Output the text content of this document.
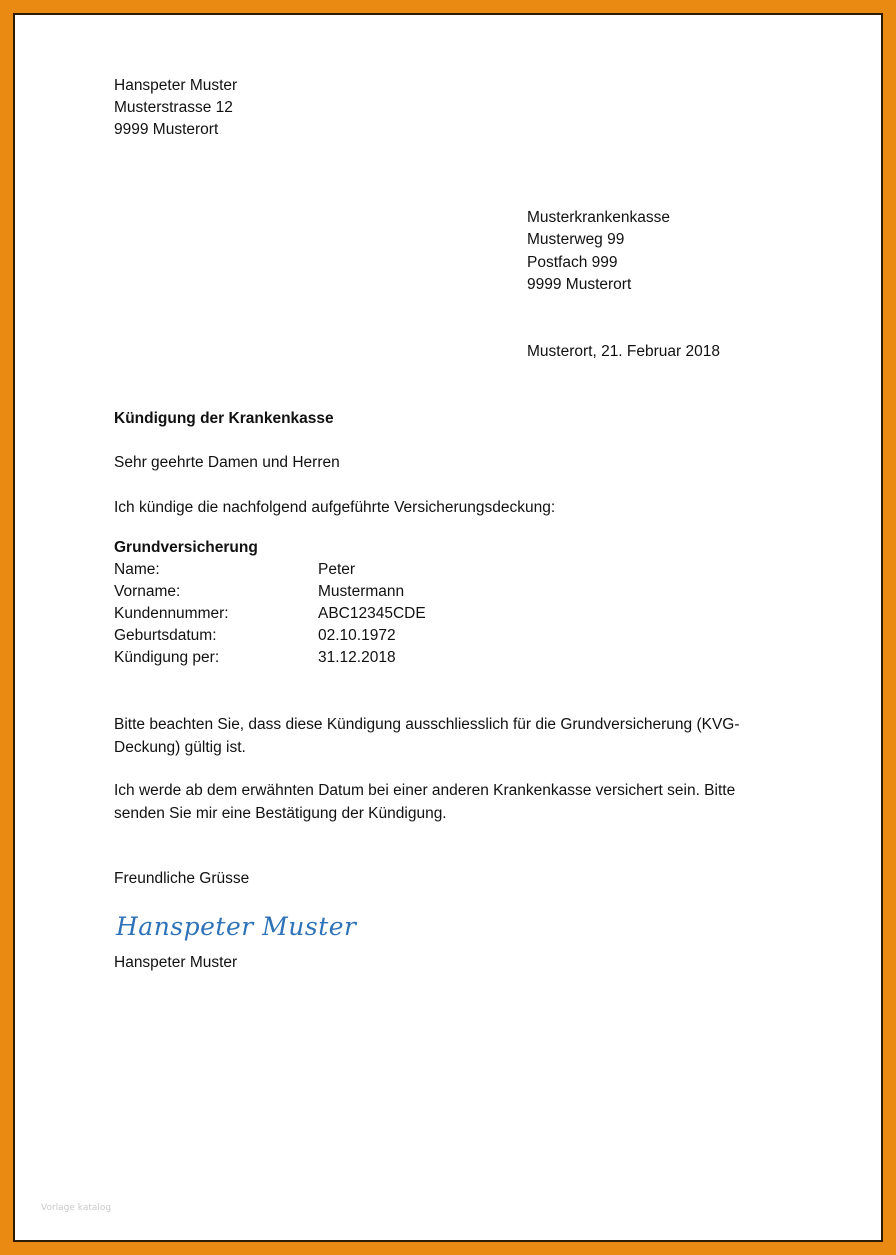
Hanspeter Muster
Musterstrasse 12
9999 Musterort
Musterkrankenkasse
Musterweg 99
Postfach 999
9999 Musterort
Musterort, 21. Februar 2018
Kündigung der Krankenkasse
Sehr geehrte Damen und Herren
Ich kündige die nachfolgend aufgeführte Versicherungsdeckung:
Grundversicherung
Name:	Peter
Vorname:	Mustermann
Kundennummer:	ABC12345CDE
Geburtsdatum:	02.10.1972
Kündigung per:	31.12.2018
Bitte beachten Sie, dass diese Kündigung ausschliesslich für die Grundversicherung (KVG-Deckung) gültig ist.
Ich werde ab dem erwähnten Datum bei einer anderen Krankenkasse versichert sein. Bitte senden Sie mir eine Bestätigung der Kündigung.
Freundliche Grüsse
Hanspeter Muster
Hanspeter Muster
Vorlage katalog
